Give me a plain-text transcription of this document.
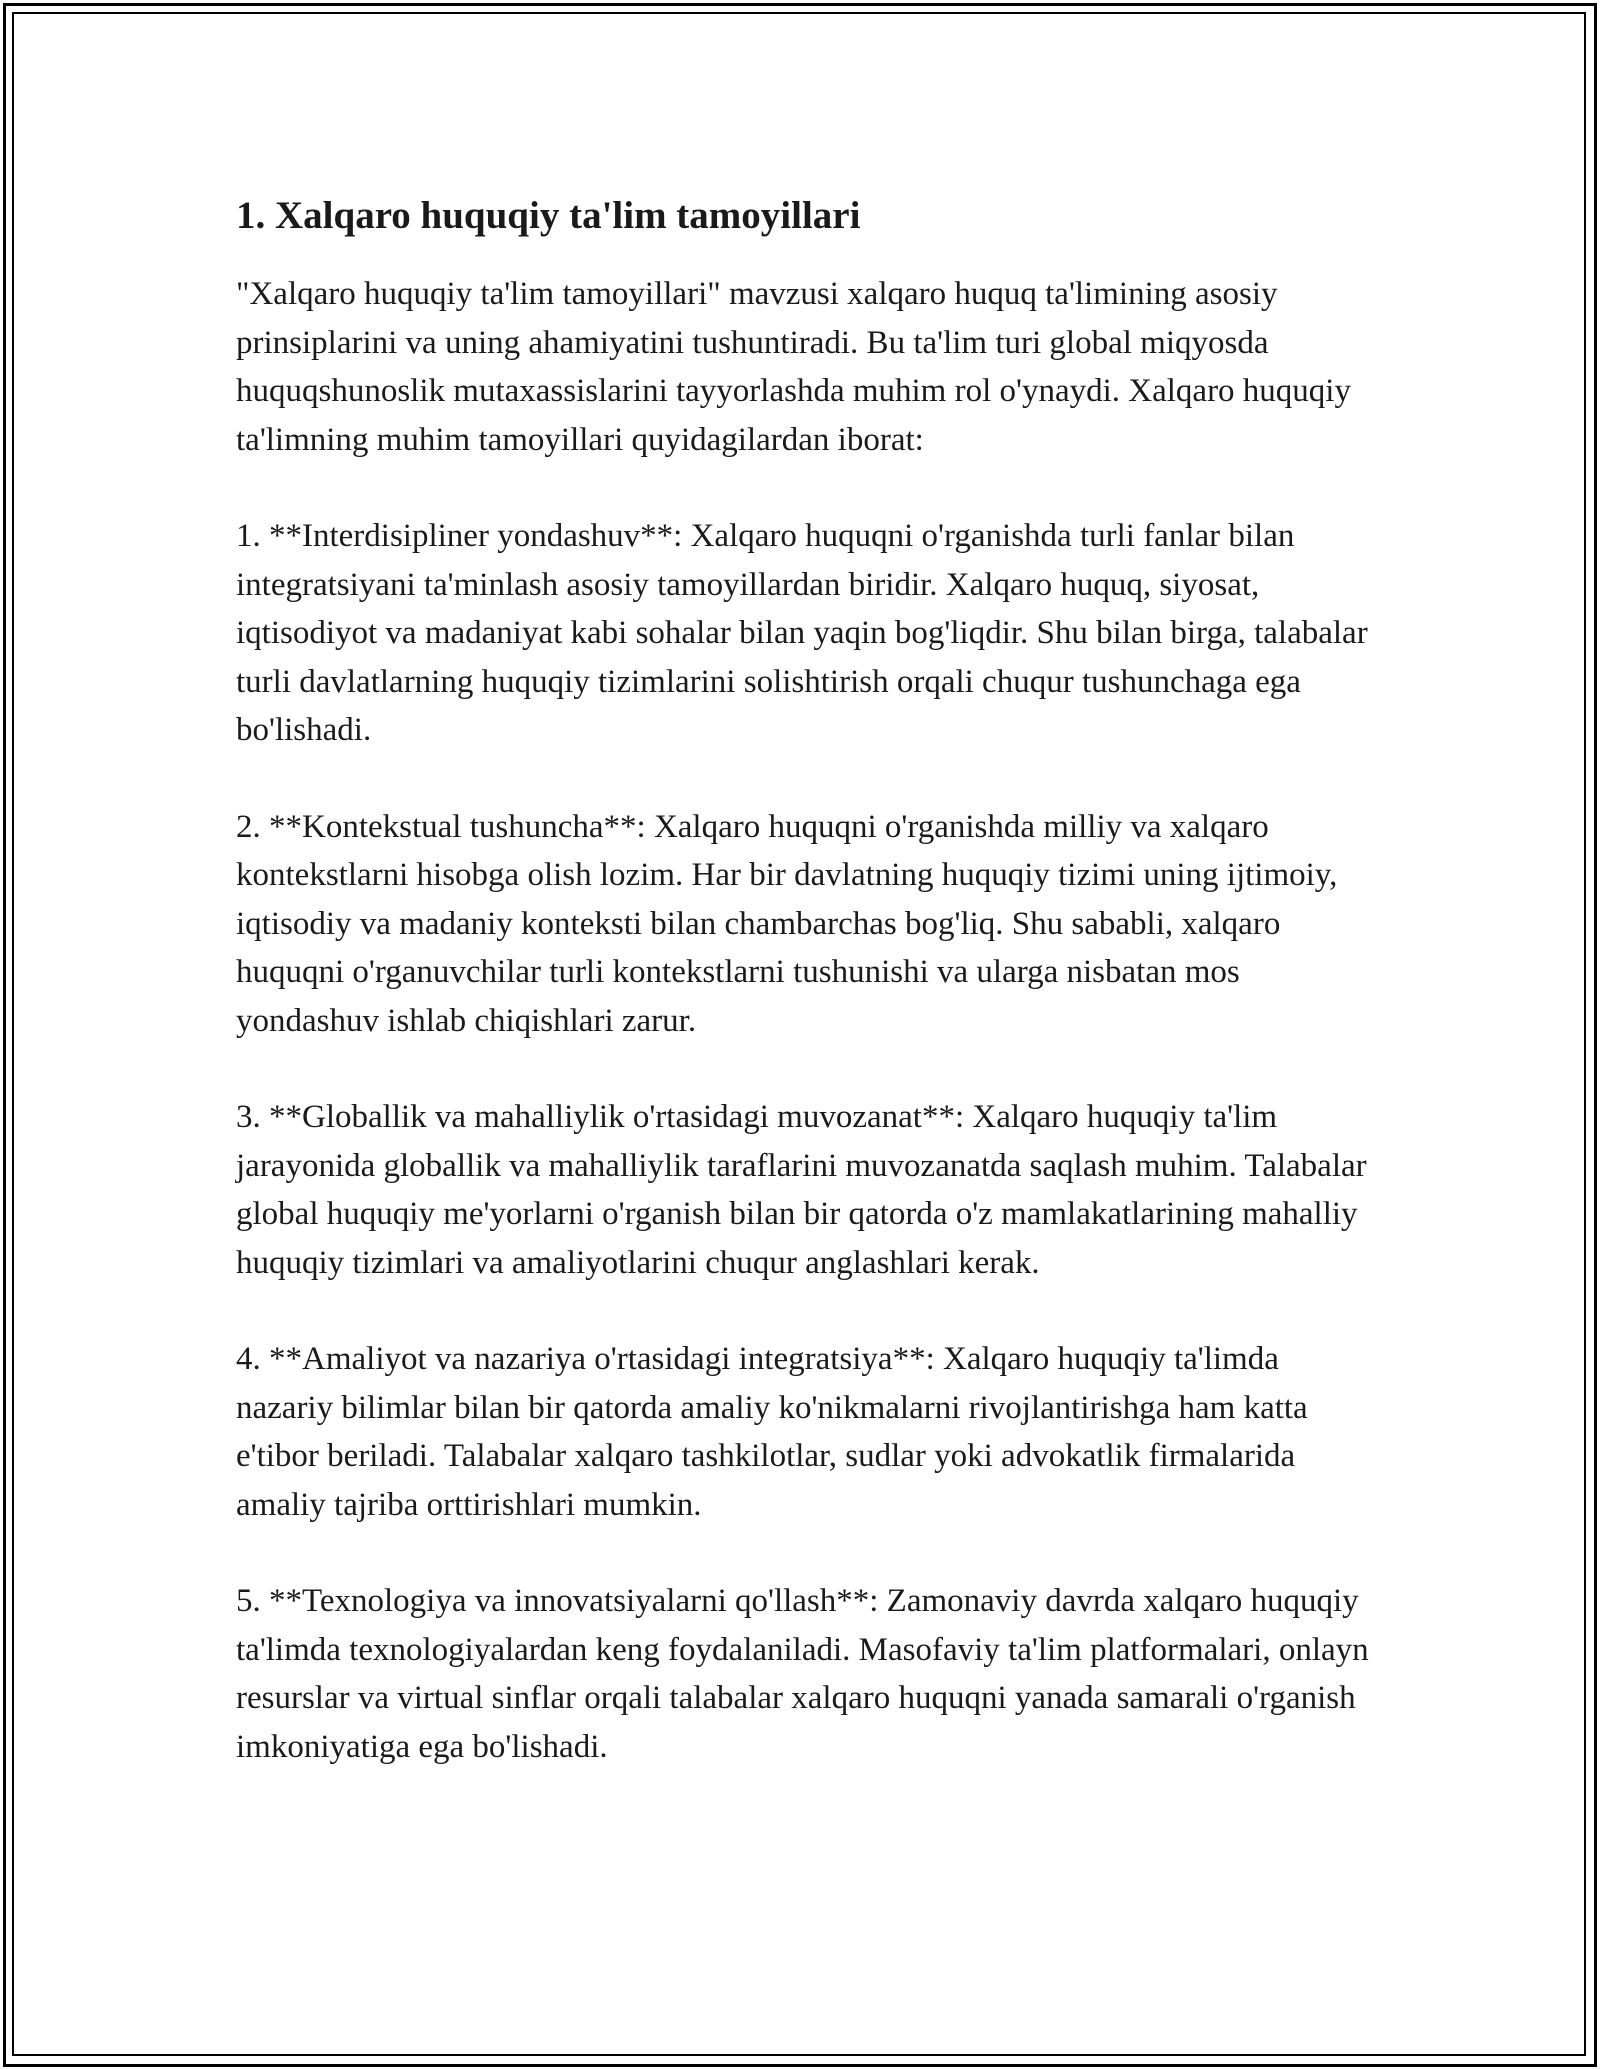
1. Xalqaro huquqiy ta'lim tamoyillari

"Xalqaro huquqiy ta'lim tamoyillari" mavzusi xalqaro huquq ta'limining asosiy prinsiplarini va uning ahamiyatini tushuntiradi. Bu ta'lim turi global miqyosda huquqshunoslik mutaxassislarini tayyorlashda muhim rol o'ynaydi. Xalqaro huquqiy ta'limning muhim tamoyillari quyidagilardan iborat:

1. **Interdisipliner yondashuv**: Xalqaro huquqni o'rganishda turli fanlar bilan integratsiyani ta'minlash asosiy tamoyillardan biridir. Xalqaro huquq, siyosat, iqtisodiyot va madaniyat kabi sohalar bilan yaqin bog'liqdir. Shu bilan birga, talabalar turli davlatlarning huquqiy tizimlarini solishtirish orqali chuqur tushunchaga ega bo'lishadi.

2. **Kontekstual tushuncha**: Xalqaro huquqni o'rganishda milliy va xalqaro kontekstlarni hisobga olish lozim. Har bir davlatning huquqiy tizimi uning ijtimoiy, iqtisodiy va madaniy konteksti bilan chambarchas bog'liq. Shu sababli, xalqaro huquqni o'rganuvchilar turli kontekstlarni tushunishi va ularga nisbatan mos yondashuv ishlab chiqishlari zarur.

3. **Globallik va mahalliylik o'rtasidagi muvozanat**: Xalqaro huquqiy ta'lim jarayonida globallik va mahalliylik taraflarini muvozanatda saqlash muhim. Talabalar global huquqiy me'yorlarni o'rganish bilan bir qatorda o'z mamlakatlarining mahalliy huquqiy tizimlari va amaliyotlarini chuqur anglashlari kerak.

4. **Amaliyot va nazariya o'rtasidagi integratsiya**: Xalqaro huquqiy ta'limda nazariy bilimlar bilan bir qatorda amaliy ko'nikmalarni rivojlantirishga ham katta e'tibor beriladi. Talabalar xalqaro tashkilotlar, sudlar yoki advokatlik firmalarida amaliy tajriba orttirishlari mumkin.

5. **Texnologiya va innovatsiyalarni qo'llash**: Zamonaviy davrda xalqaro huquqiy ta'limda texnologiyalardan keng foydalaniladi. Masofaviy ta'lim platformalari, onlayn resurslar va virtual sinflar orqali talabalar xalqaro huquqni yanada samarali o'rganish imkoniyatiga ega bo'lishadi.
